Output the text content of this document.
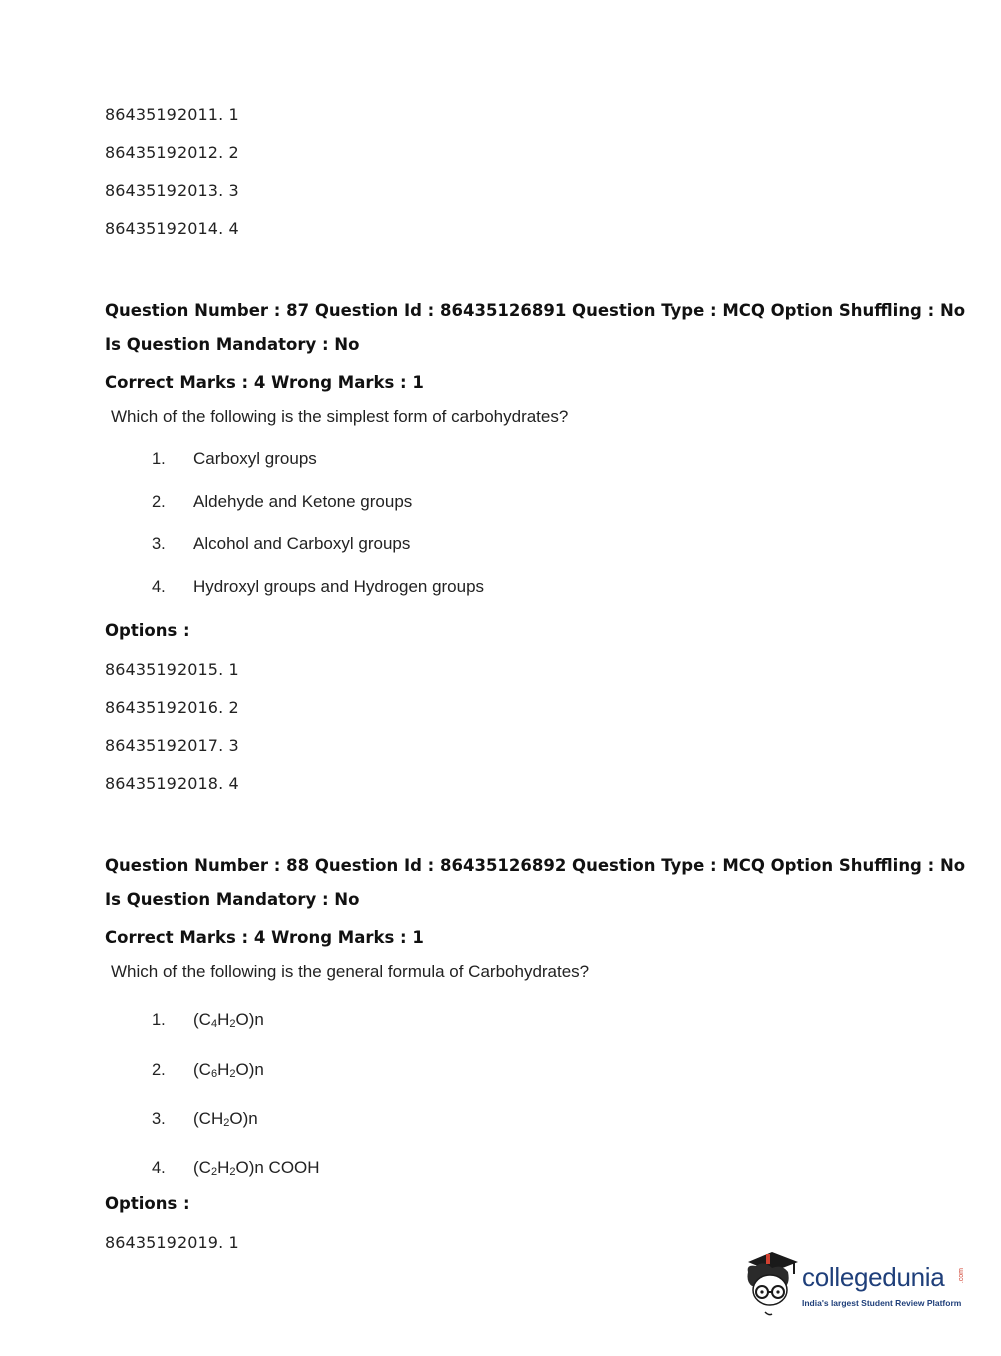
86435192011. 1
86435192012. 2
86435192013. 3
86435192014. 4
Question Number : 87 Question Id : 86435126891 Question Type : MCQ Option Shuffling : No
Is Question Mandatory : No
Correct Marks : 4 Wrong Marks : 1
Which of the following is the simplest form of carbohydrates?
1. Carboxyl groups
2. Aldehyde and Ketone groups
3. Alcohol and Carboxyl groups
4. Hydroxyl groups and Hydrogen groups
Options :
86435192015. 1
86435192016. 2
86435192017. 3
86435192018. 4
Question Number : 88 Question Id : 86435126892 Question Type : MCQ Option Shuffling : No
Is Question Mandatory : No
Correct Marks : 4 Wrong Marks : 1
Which of the following is the general formula of Carbohydrates?
1. $(C_4H_2O)n$
2. $(C_6H_2O)n$
3. $(CH_2O)n$
4. $(C_2H_2O)n$ COOH
Options :
86435192019. 1
collegedunia .com
India's largest Student Review Platform
